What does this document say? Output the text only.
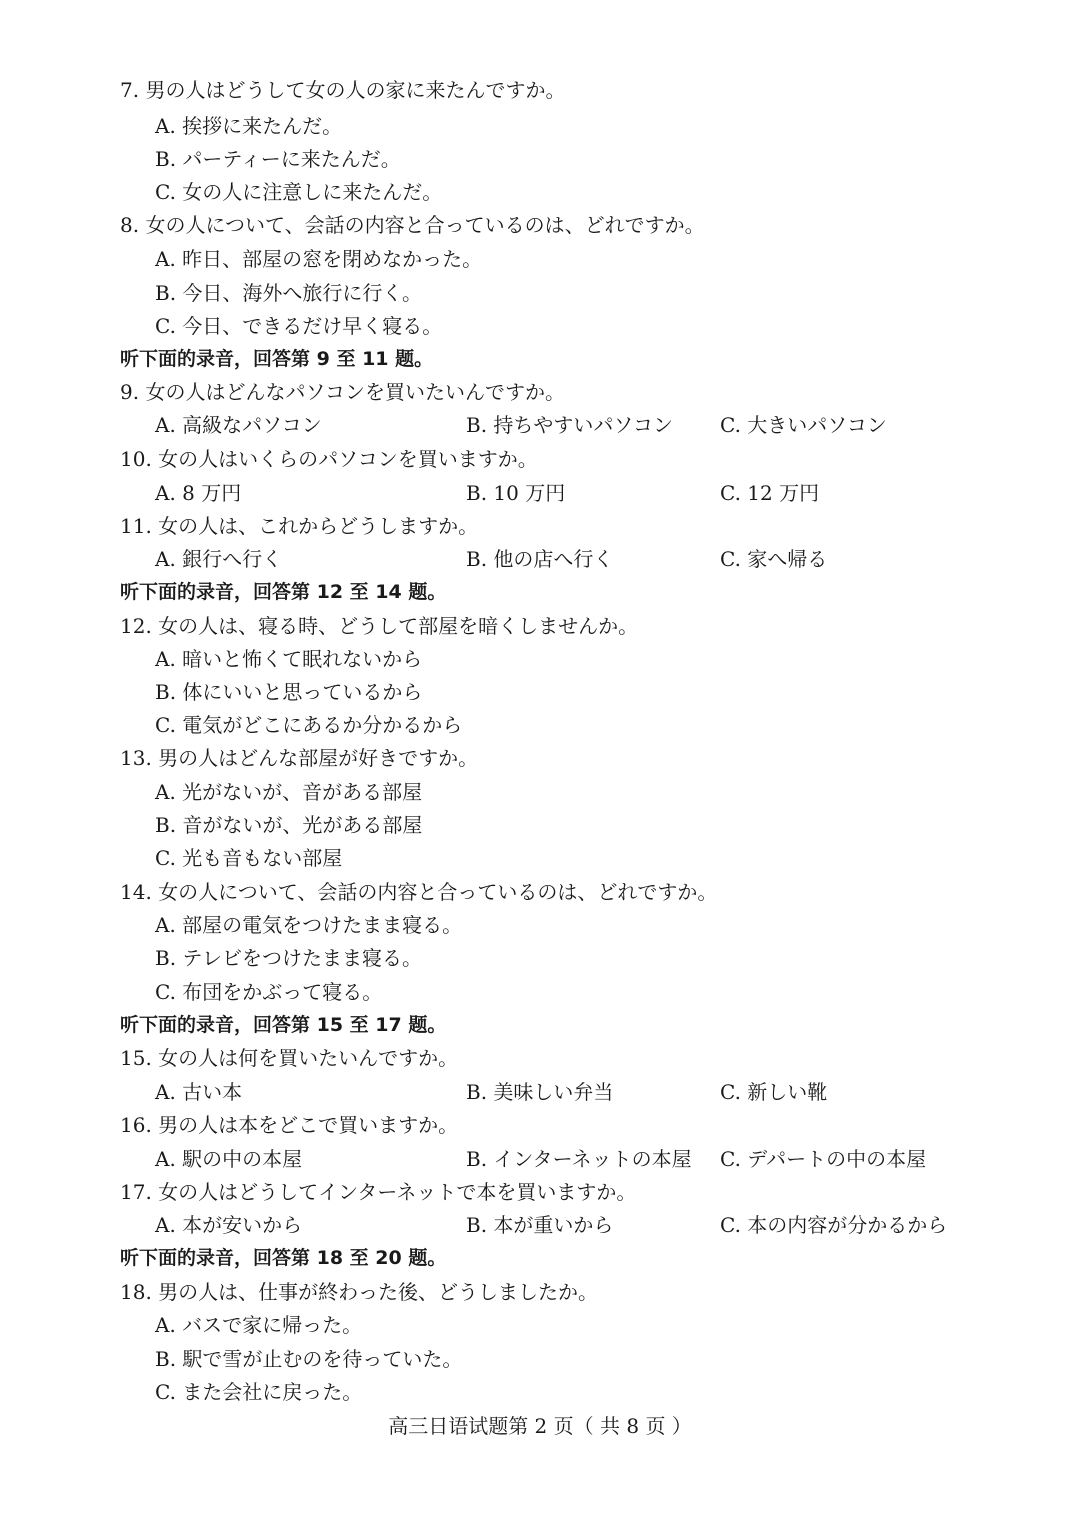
7. 男の人はどうして女の人の家に来たんですか。
A. 挨拶に来たんだ。
B. パーティーに来たんだ。
C. 女の人に注意しに来たんだ。
8. 女の人について、会話の内容と合っているのは、どれですか。
A. 昨日、部屋の窓を閉めなかった。
B. 今日、海外へ旅行に行く。
C. 今日、できるだけ早く寝る。
听下面的录音，回答第 9 至 11 题。
9. 女の人はどんなパソコンを買いたいんですか。
A. 高級なパソコン	B. 持ちやすいパソコン C. 大きいパソコン
10. 女の人はいくらのパソコンを買いますか。
A. 8 万円	B. 10 万円	C. 12 万円
11. 女の人は、これからどうしますか。
A. 銀行へ行く	B. 他の店へ行く	C. 家へ帰る
听下面的录音，回答第 12 至 14 题。
12. 女の人は、寝る時、どうして部屋を暗くしませんか。
A. 暗いと怖くて眠れないから
B. 体にいいと思っているから
C. 電気がどこにあるか分かるから
13. 男の人はどんな部屋が好きですか。
A. 光がないが、音がある部屋
B. 音がないが、光がある部屋
C. 光も音もない部屋
14. 女の人について、会話の内容と合っているのは、どれですか。
A. 部屋の電気をつけたまま寝る。
B. テレビをつけたまま寝る。
C. 布団をかぶって寝る。
听下面的录音，回答第 15 至 17 题。
15. 女の人は何を買いたいんですか。
A. 古い本	B. 美味しい弁当	C. 新しい靴
16. 男の人は本をどこで買いますか。
A. 駅の中の本屋	B. インターネットの本屋 C. デパートの中の本屋
17. 女の人はどうしてインターネットで本を買いますか。
A. 本が安いから	B. 本が重いから	C. 本の内容が分かるから
听下面的录音，回答第 18 至 20 题。
18. 男の人は、仕事が終わった後、どうしましたか。
A. バスで家に帰った。
B. 駅で雪が止むのを待っていた。
C. また会社に戻った。
高三日语试题第 2 页（ 共 8 页 ）
